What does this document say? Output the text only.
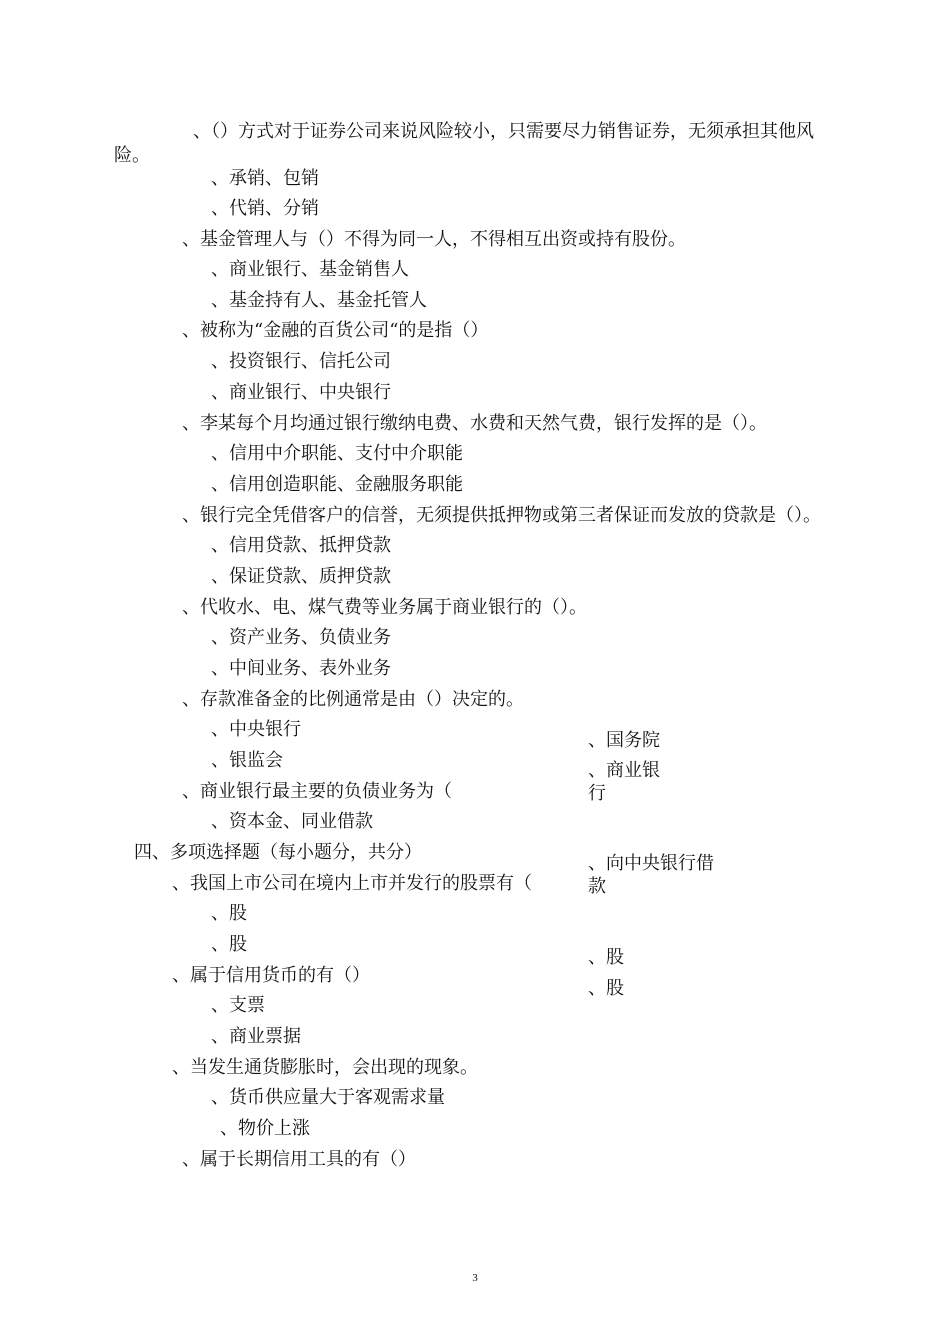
、（）方式对于证券公司来说风险较小，只需要尽力销售证券，无须承担其他风
险。
、承销、包销
、代销、分销
、基金管理人与（）不得为同一人，不得相互出资或持有股份。
、商业银行、基金销售人
、基金持有人、基金托管人
、被称为“金融的百货公司“的是指（）
、投资银行、信托公司
、商业银行、中央银行
、李某每个月均通过银行缴纳电费、水费和天然气费，银行发挥的是（）。
、信用中介职能、支付中介职能
、信用创造职能、金融服务职能
、银行完全凭借客户的信誉，无须提供抵押物或第三者保证而发放的贷款是（）。
、信用贷款、抵押贷款
、保证贷款、质押贷款
、代收水、电、煤气费等业务属于商业银行的（）。
、资产业务、负债业务
、中间业务、表外业务
、存款准备金的比例通常是由（）决定的。
、中央银行
、银监会
、商业银行最主要的负债业务为（
、资本金、同业借款
四、多项选择题（每小题分，共分）
、我国上市公司在境内上市并发行的股票有（
、股
、股
、属于信用货币的有（）
、支票
、商业票据
、当发生通货膨胀时，会出现的现象。
、货币供应量大于客观需求量
、物价上涨
、属于长期信用工具的有（）
、国务院
、商业银
行
、向中央银行借
款
、股
、股
3
